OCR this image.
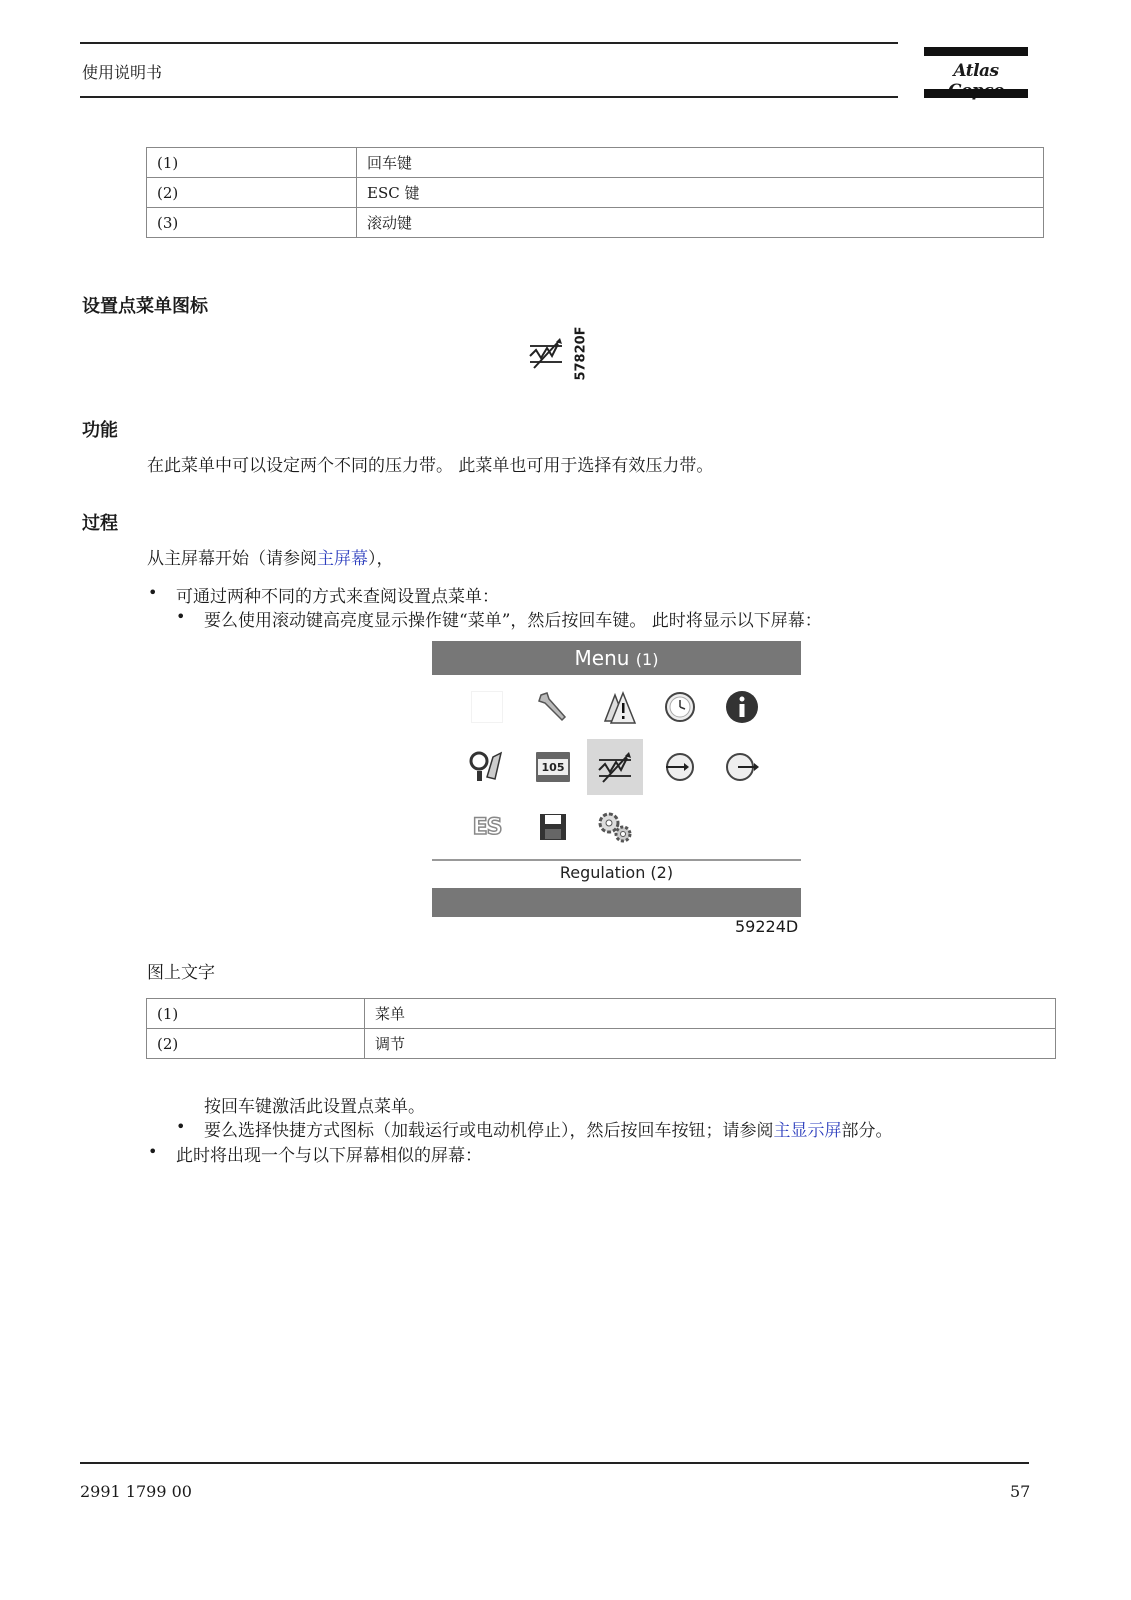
使用说明书	Atlas
(1)	回车键
(2)	ESC 键
(3)	滚动键
设置点菜单图标
57820F
功能
在此菜单中可以设定两个不同的压力带。 此菜单也可用于选择有效压力带。
过程
从主屏幕开始（请参阅主屏幕），
• 可通过两种不同的方式来查阅设置点菜单：
• 要么使用滚动键高亮度显示操作键“菜单”，然后按回车键。 此时将显示以下屏幕：
Menu (1)
105
ES
Regulation (2)
59224D
图上文字
(1)	菜单
(2)	调节
按回车键激活此设置点菜单。
• 要么选择快捷方式图标（加载运行或电动机停止），然后按回车按钮；请参阅主显示屏部分。
• 此时将出现一个与以下屏幕相似的屏幕：
2991 1799 00	57
